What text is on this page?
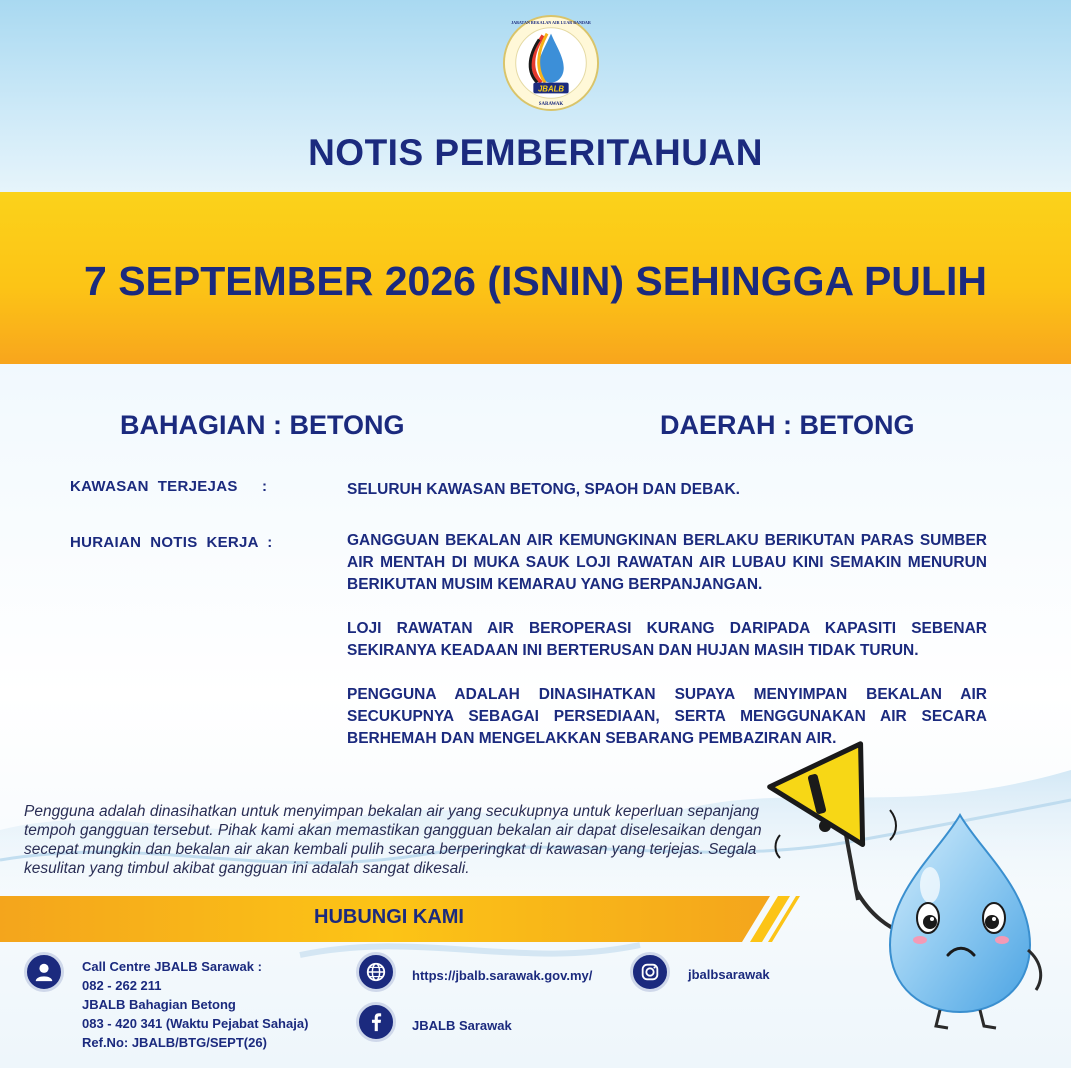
JBALB
SARAWAK
JABATAN BEKALAN AIR LUAR BANDAR
NOTIS PEMBERITAHUAN
7 SEPTEMBER 2026 (ISNIN) SEHINGGA PULIH
BAHAGIAN : BETONG	DAERAH : BETONG
KAWASAN  TERJEJAS :	SELURUH KAWASAN BETONG, SPAOH DAN DEBAK.
HURAIAN  NOTIS  KERJA  :	GANGGUAN BEKALAN AIR KEMUNGKINAN BERLAKU BERIKUTAN PARAS SUMBER AIR MENTAH DI MUKA SAUK LOJI RAWATAN AIR LUBAU KINI SEMAKIN MENURUN BERIKUTAN MUSIM KEMARAU YANG BERPANJANGAN.
LOJI RAWATAN AIR BEROPERASI KURANG DARIPADA KAPASITI SEBENAR SEKIRANYA KEADAAN INI BERTERUSAN DAN HUJAN MASIH TIDAK TURUN.
PENGGUNA ADALAH DINASIHATKAN SUPAYA MENYIMPAN BEKALAN AIR SECUKUPNYA SEBAGAI PERSEDIAAN, SERTA MENGGUNAKAN AIR SECARA BERHEMAH DAN MENGELAKKAN SEBARANG PEMBAZIRAN AIR.
Pengguna adalah dinasihatkan untuk menyimpan bekalan air yang secukupnya untuk keperluan sepanjang tempoh gangguan tersebut. Pihak kami akan memastikan gangguan bekalan air dapat diselesaikan dengan secepat mungkin dan bekalan air akan kembali pulih secara berperingkat di kawasan yang terjejas. Segala kesulitan yang timbul akibat gangguan ini adalah sangat dikesali.
HUBUNGI KAMI
Call Centre JBALB Sarawak :
082 - 262 211
JBALB Bahagian Betong
083 - 420 341 (Waktu Pejabat Sahaja)
Ref.No: JBALB/BTG/SEPT(26)
https://jbalb.sarawak.gov.my/
JBALB Sarawak
jbalbsarawak
